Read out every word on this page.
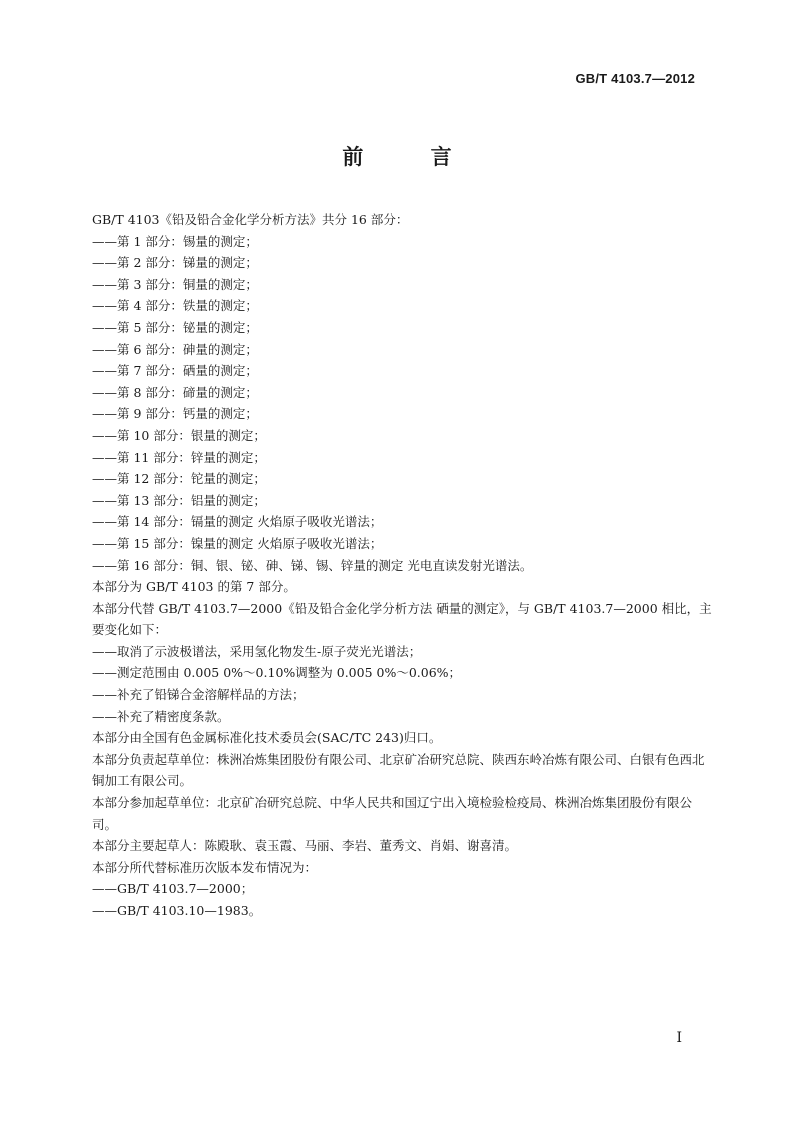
GB/T 4103.7—2012
前 言
GB/T 4103《铅及铅合金化学分析方法》共分 16 部分：
——第 1 部分：锡量的测定；
——第 2 部分：锑量的测定；
——第 3 部分：铜量的测定；
——第 4 部分：铁量的测定；
——第 5 部分：铋量的测定；
——第 6 部分：砷量的测定；
——第 7 部分：硒量的测定；
——第 8 部分：碲量的测定；
——第 9 部分：钙量的测定；
——第 10 部分：银量的测定；
——第 11 部分：锌量的测定；
——第 12 部分：铊量的测定；
——第 13 部分：铝量的测定；
——第 14 部分：镉量的测定 火焰原子吸收光谱法；
——第 15 部分：镍量的测定 火焰原子吸收光谱法；
——第 16 部分：铜、银、铋、砷、锑、锡、锌量的测定 光电直读发射光谱法。
本部分为 GB/T 4103 的第 7 部分。
本部分代替 GB/T 4103.7—2000《铅及铅合金化学分析方法 硒量的测定》，与 GB/T 4103.7—2000 相比，主要变化如下：
——取消了示波极谱法，采用氢化物发生-原子荧光光谱法；
——测定范围由 0.005 0%～0.10%调整为 0.005 0%～0.06%；
——补充了铅锑合金溶解样品的方法；
——补充了精密度条款。
本部分由全国有色金属标准化技术委员会(SAC/TC 243)归口。
本部分负责起草单位：株洲冶炼集团股份有限公司、北京矿冶研究总院、陕西东岭冶炼有限公司、白银有色西北铜加工有限公司。
本部分参加起草单位：北京矿冶研究总院、中华人民共和国辽宁出入境检验检疫局、株洲冶炼集团股份有限公司。
本部分主要起草人：陈殿耿、袁玉霞、马丽、李岩、董秀文、肖娟、谢喜清。
本部分所代替标准历次版本发布情况为：
——GB/T 4103.7—2000；
——GB/T 4103.10—1983。
I
